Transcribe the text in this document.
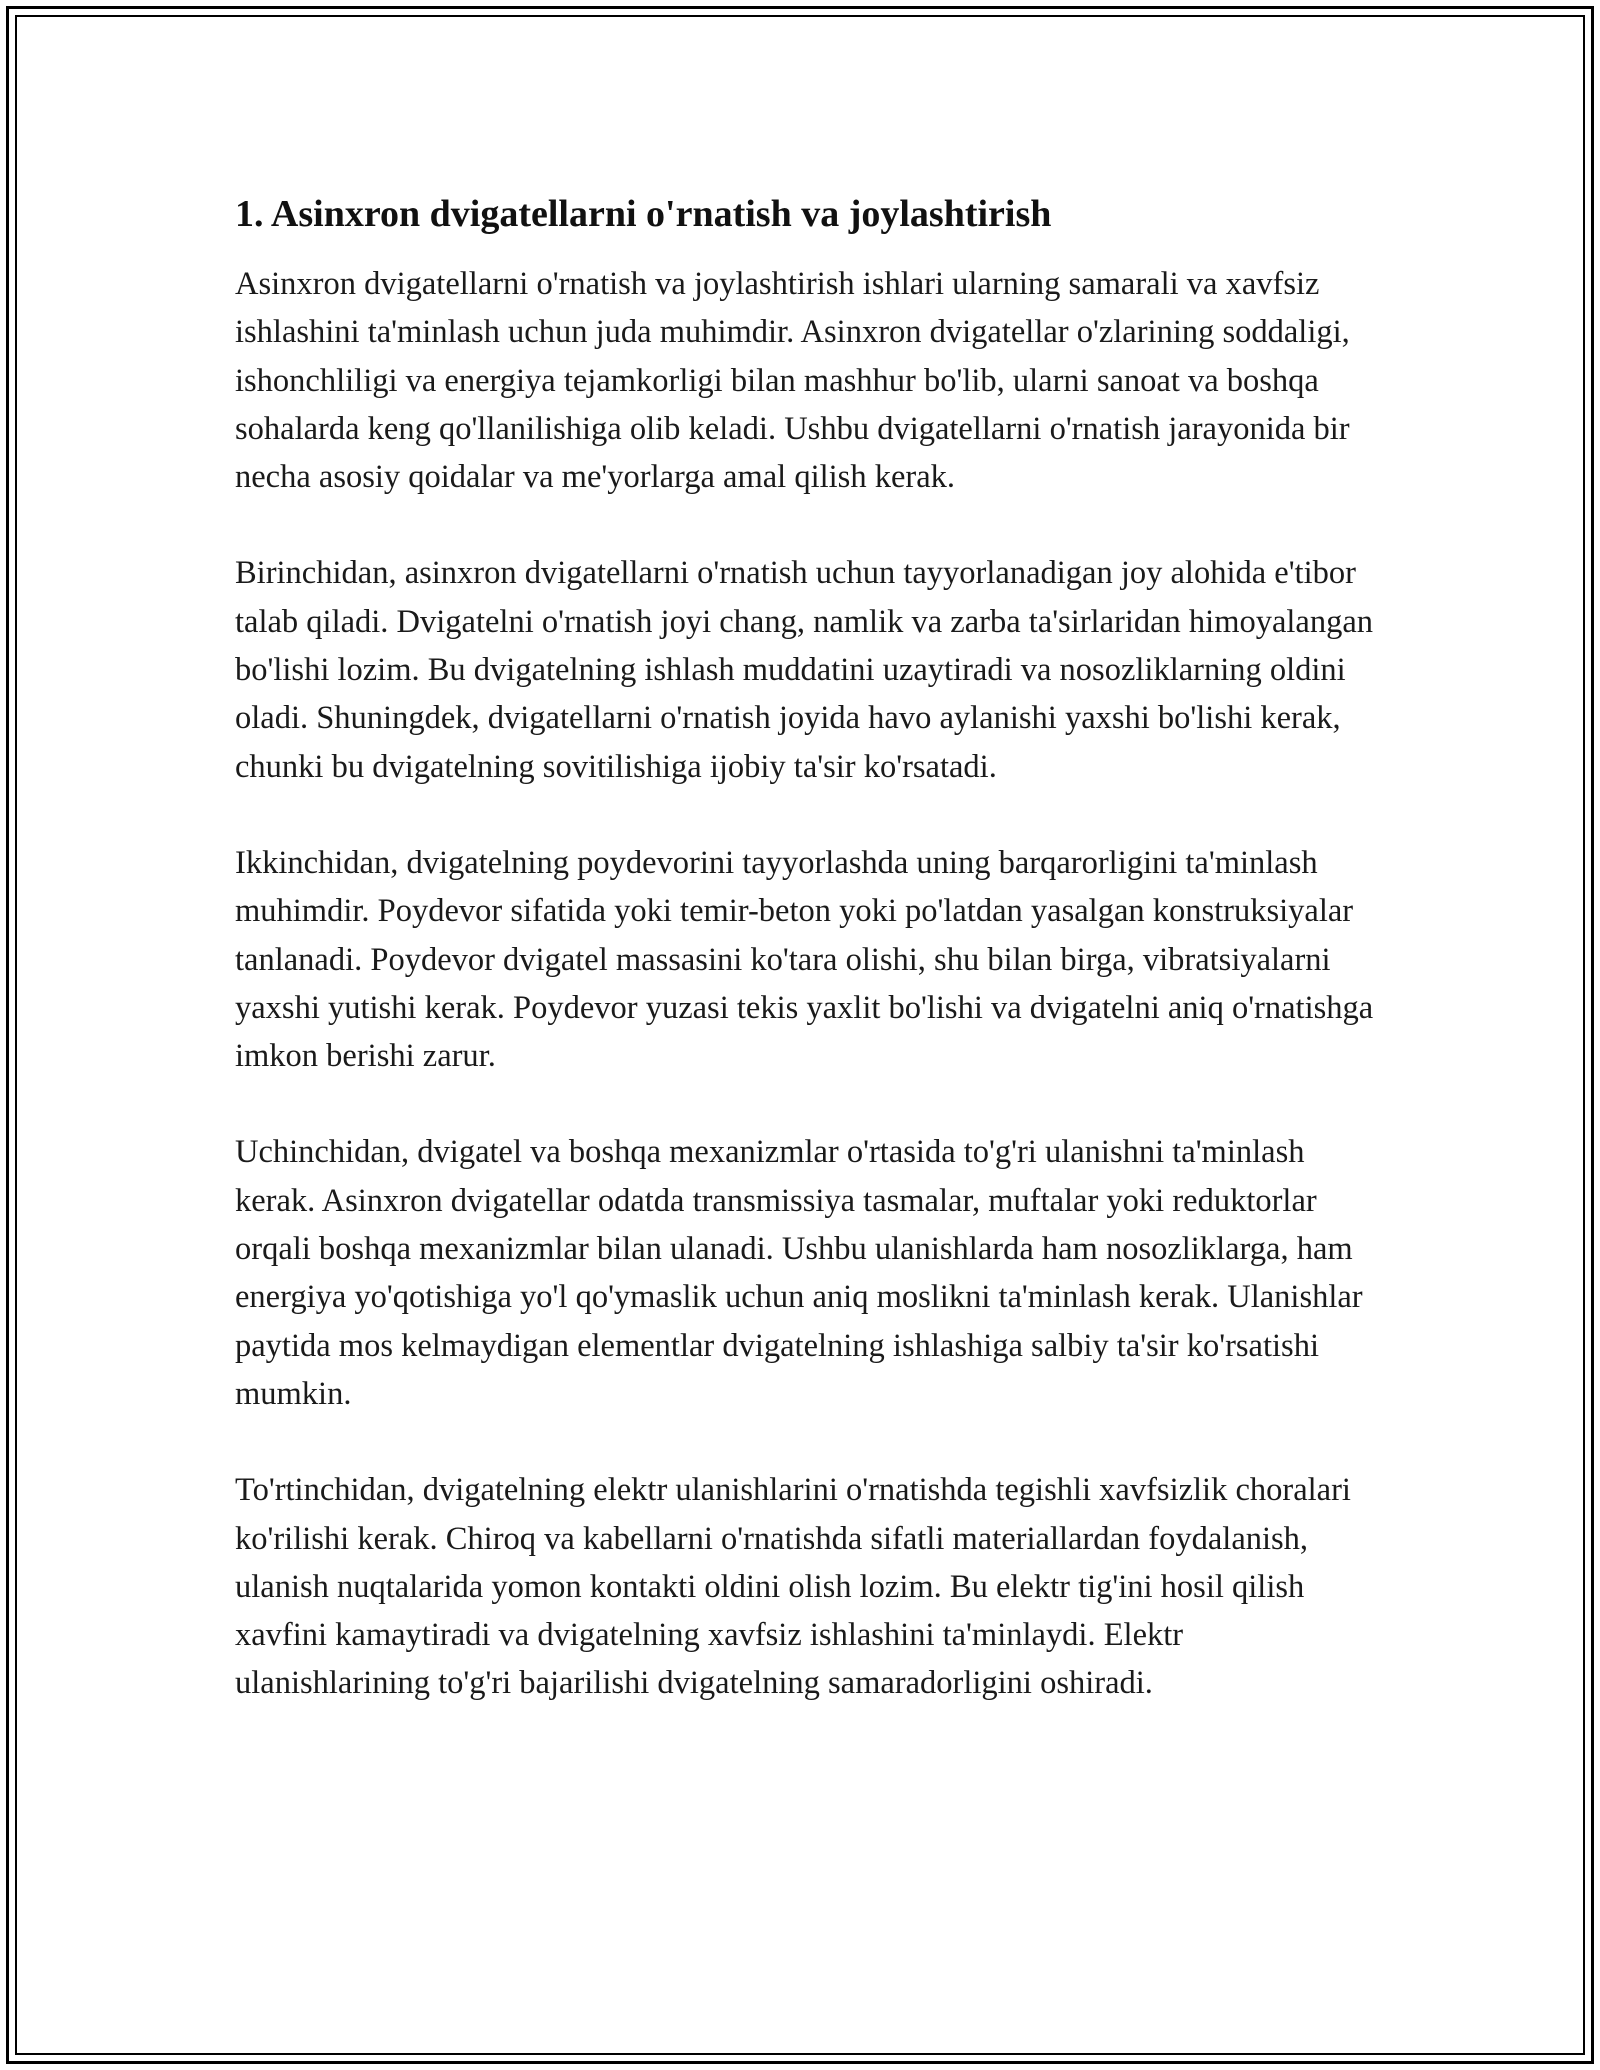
1. Asinxron dvigatellarni o'rnatish va joylashtirish

Asinxron dvigatellarni o'rnatish va joylashtirish ishlari ularning samarali va xavfsiz ishlashini ta'minlash uchun juda muhimdir. Asinxron dvigatellar o'zlarining soddaligi, ishonchliligi va energiya tejamkorligi bilan mashhur bo'lib, ularni sanoat va boshqa sohalarda keng qo'llanilishiga olib keladi. Ushbu dvigatellarni o'rnatish jarayonida bir necha asosiy qoidalar va me'yorlarga amal qilish kerak.

Birinchidan, asinxron dvigatellarni o'rnatish uchun tayyorlanadigan joy alohida e'tibor talab qiladi. Dvigatelni o'rnatish joyi chang, namlik va zarba ta'sirlaridan himoyalangan bo'lishi lozim. Bu dvigatelning ishlash muddatini uzaytiradi va nosozliklarning oldini oladi. Shuningdek, dvigatellarni o'rnatish joyida havo aylanishi yaxshi bo'lishi kerak, chunki bu dvigatelning sovitilishiga ijobiy ta'sir ko'rsatadi.

Ikkinchidan, dvigatelning poydevorini tayyorlashda uning barqarorligini ta'minlash muhimdir. Poydevor sifatida yoki temir-beton yoki po'latdan yasalgan konstruksiyalar tanlanadi. Poydevor dvigatel massasini ko'tara olishi, shu bilan birga, vibratsiyalarni yaxshi yutishi kerak. Poydevor yuzasi tekis yaxlit bo'lishi va dvigatelni aniq o'rnatishga imkon berishi zarur.

Uchinchidan, dvigatel va boshqa mexanizmlar o'rtasida to'g'ri ulanishni ta'minlash kerak. Asinxron dvigatellar odatda transmissiya tasmalar, muftalar yoki reduktorlar orqali boshqa mexanizmlar bilan ulanadi. Ushbu ulanishlarda ham nosozliklarga, ham energiya yo'qotishiga yo'l qo'ymaslik uchun aniq moslikni ta'minlash kerak. Ulanishlar paytida mos kelmaydigan elementlar dvigatelning ishlashiga salbiy ta'sir ko'rsatishi mumkin.

To'rtinchidan, dvigatelning elektr ulanishlarini o'rnatishda tegishli xavfsizlik choralari ko'rilishi kerak. Chiroq va kabellarni o'rnatishda sifatli materiallardan foydalanish, ulanish nuqtalarida yomon kontakti oldini olish lozim. Bu elektr tig'ini hosil qilish xavfini kamaytiradi va dvigatelning xavfsiz ishlashini ta'minlaydi. Elektr ulanishlarining to'g'ri bajarilishi dvigatelning samaradorligini oshiradi.
